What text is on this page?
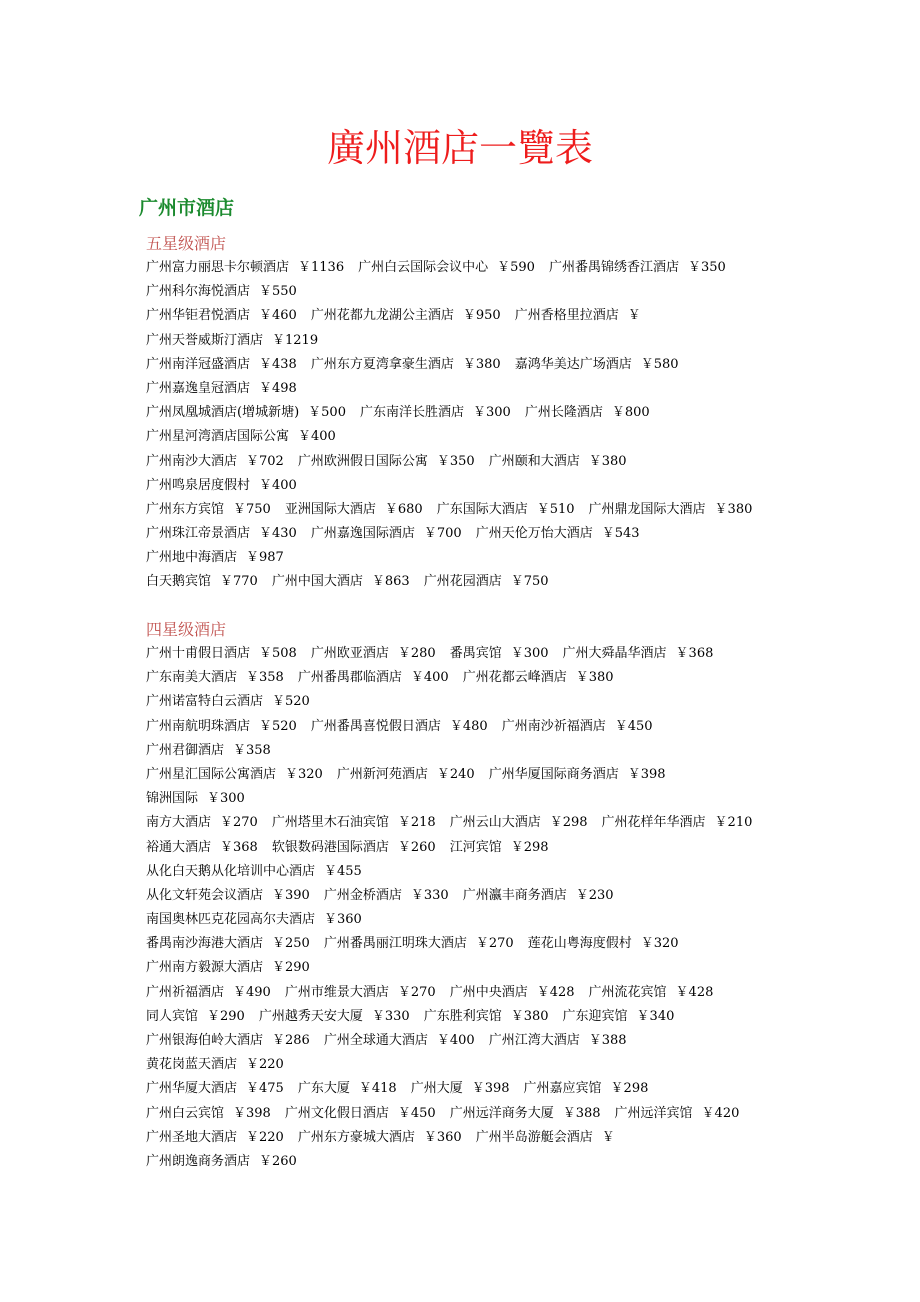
廣州酒店一覽表
广州市酒店
五星级酒店
广州富力丽思卡尔顿酒店 ￥1136 广州白云国际会议中心 ￥590 广州番禺锦绣香江酒店 ￥350
广州科尔海悦酒店 ￥550
广州华钜君悦酒店 ￥460 广州花都九龙湖公主酒店 ￥950 广州香格里拉酒店 ￥
广州天誉威斯汀酒店 ￥1219
广州南洋冠盛酒店 ￥438 广州东方夏湾拿豪生酒店 ￥380 嘉鸿华美达广场酒店 ￥580
广州嘉逸皇冠酒店 ￥498
广州凤凰城酒店(增城新塘) ￥500 广东南洋长胜酒店 ￥300 广州长隆酒店 ￥800
广州星河湾酒店国际公寓 ￥400
广州南沙大酒店 ￥702 广州欧洲假日国际公寓 ￥350 广州颐和大酒店 ￥380
广州鸣泉居度假村 ￥400
广州东方宾馆 ￥750 亚洲国际大酒店 ￥680 广东国际大酒店 ￥510 广州鼎龙国际大酒店 ￥380
广州珠江帝景酒店 ￥430 广州嘉逸国际酒店 ￥700 广州天伦万怡大酒店 ￥543
广州地中海酒店 ￥987
白天鹅宾馆 ￥770 广州中国大酒店 ￥863 广州花园酒店 ￥750
四星级酒店
广州十甫假日酒店 ￥508 广州欧亚酒店 ￥280 番禺宾馆 ￥300 广州大舜晶华酒店 ￥368
广东南美大酒店 ￥358 广州番禺郡临酒店 ￥400 广州花都云峰酒店 ￥380
广州诺富特白云酒店 ￥520
广州南航明珠酒店 ￥520 广州番禺喜悦假日酒店 ￥480 广州南沙祈福酒店 ￥450
广州君御酒店 ￥358
广州星汇国际公寓酒店 ￥320 广州新河苑酒店 ￥240 广州华厦国际商务酒店 ￥398
锦洲国际 ￥300
南方大酒店 ￥270 广州塔里木石油宾馆 ￥218 广州云山大酒店 ￥298 广州花样年华酒店 ￥210
裕通大酒店 ￥368 软银数码港国际酒店 ￥260 江河宾馆 ￥298
从化白天鹅从化培训中心酒店 ￥455
从化文轩苑会议酒店 ￥390 广州金桥酒店 ￥330 广州瀛丰商务酒店 ￥230
南国奥林匹克花园高尔夫酒店 ￥360
番禺南沙海港大酒店 ￥250 广州番禺丽江明珠大酒店 ￥270 莲花山粤海度假村 ￥320
广州南方毅源大酒店 ￥290
广州祈福酒店 ￥490 广州市维景大酒店 ￥270 广州中央酒店 ￥428 广州流花宾馆 ￥428
同人宾馆 ￥290 广州越秀天安大厦 ￥330 广东胜利宾馆 ￥380 广东迎宾馆 ￥340
广州银海伯岭大酒店 ￥286 广州全球通大酒店 ￥400 广州江湾大酒店 ￥388
黄花岗蓝天酒店 ￥220
广州华厦大酒店 ￥475 广东大厦 ￥418 广州大厦 ￥398 广州嘉应宾馆 ￥298
广州白云宾馆 ￥398 广州文化假日酒店 ￥450 广州远洋商务大厦 ￥388 广州远洋宾馆 ￥420
广州圣地大酒店 ￥220 广州东方豪城大酒店 ￥360 广州半岛游艇会酒店 ￥
广州朗逸商务酒店 ￥260
